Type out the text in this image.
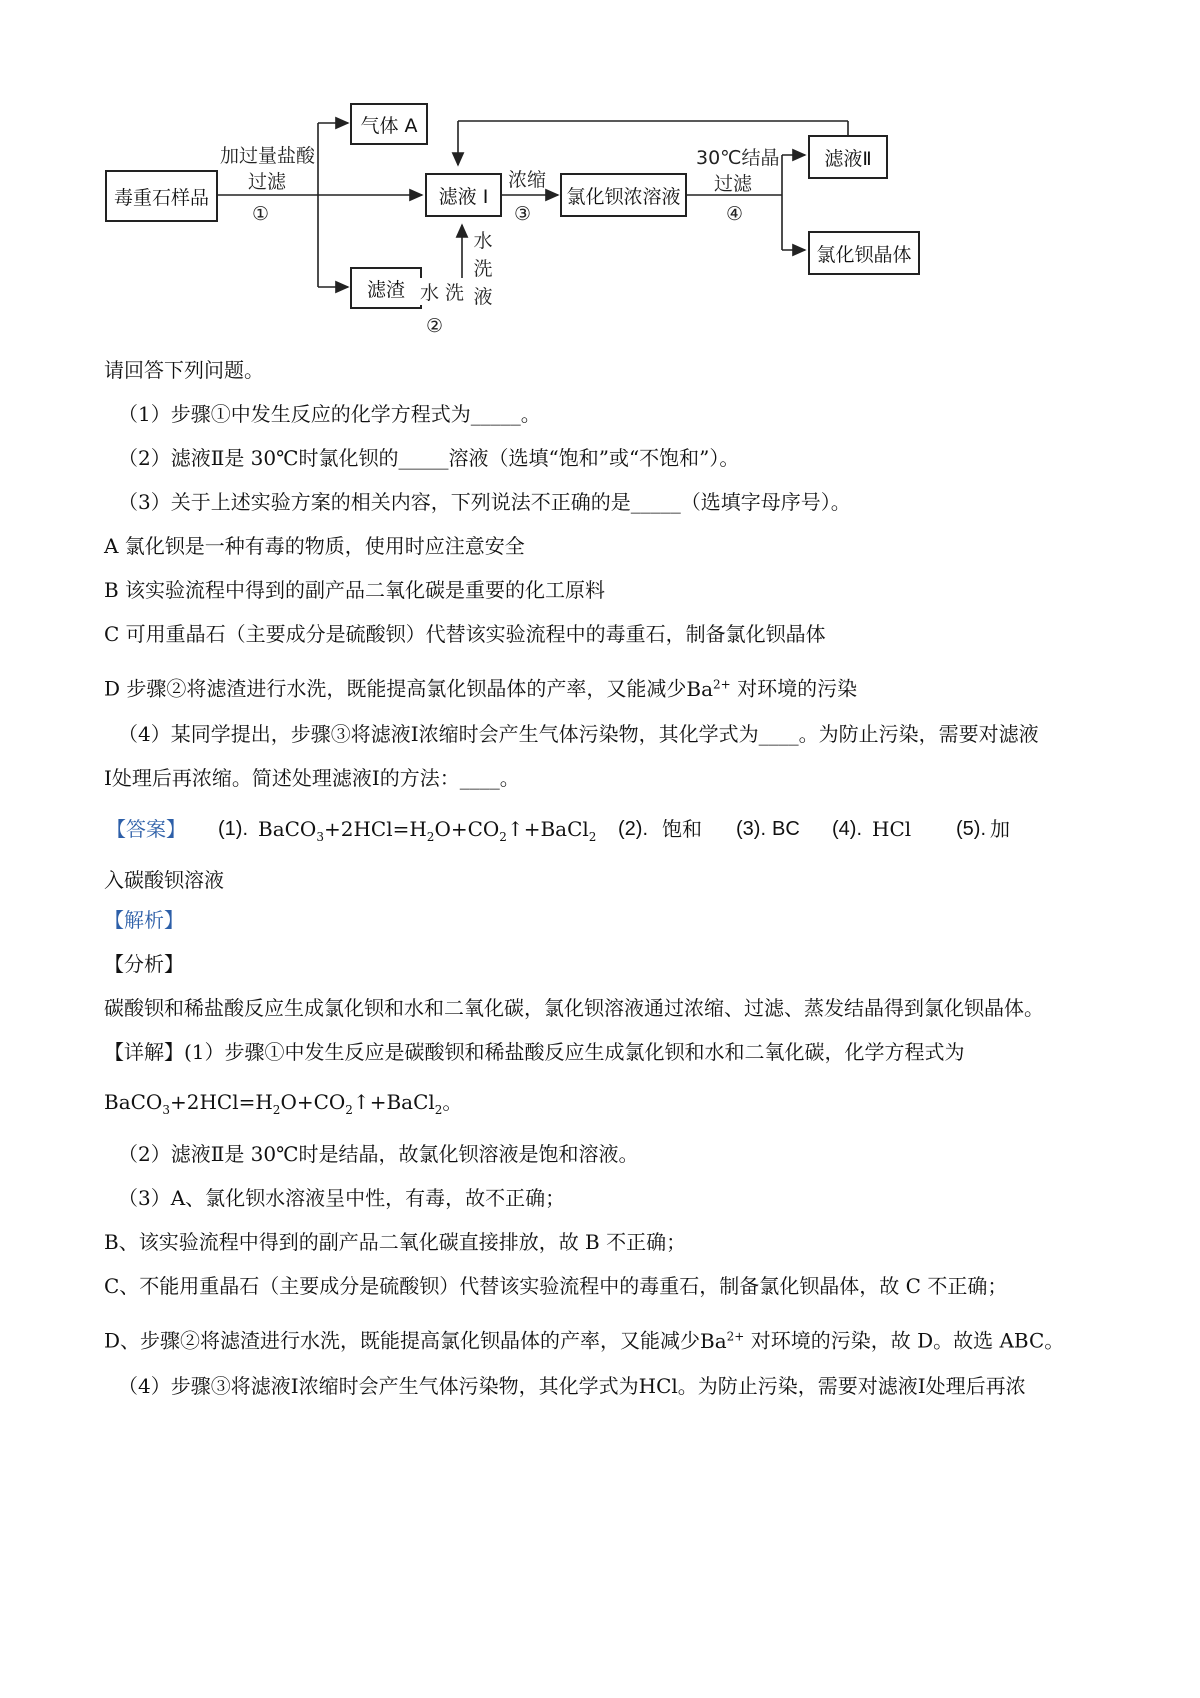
毒重石样品
气体 A
滤液 I
滤渣
氯化钡浓溶液
滤液Ⅱ
氯化钡晶体
加过量盐酸
过滤
①
水 洗
②
水洗液
浓缩
③
30℃结晶
过滤
④
请回答下列问题。
（1）步骤①中发生反应的化学方程式为_____。
（2）滤液Ⅱ是 30℃时氯化钡的_____溶液（选填“饱和”或“不饱和”）。
（3）关于上述实验方案的相关内容，下列说法不正确的是_____（选填字母序号）。
A 氯化钡是一种有毒的物质，使用时应注意安全
B 该实验流程中得到的副产品二氧化碳是重要的化工原料
C 可用重晶石（主要成分是硫酸钡）代替该实验流程中的毒重石，制备氯化钡晶体
D 步骤②将滤渣进行水洗，既能提高氯化钡晶体的产率，又能减少$Ba^{2+}$ 对环境的污染
（4）某同学提出，步骤③将滤液Ⅰ浓缩时会产生气体污染物，其化学式为____。为防止污染，需要对滤液
Ⅰ处理后再浓缩。简述处理滤液Ⅰ的方法：____。
【答案】 (1). $BaCO_3+2HCl=H_2O+CO_2↑+BaCl_2$ (2). 饱和 (3). BC (4). HCl (5). 加
入碳酸钡溶液
【解析】
【分析】
碳酸钡和稀盐酸反应生成氯化钡和水和二氧化碳，氯化钡溶液通过浓缩、过滤、蒸发结晶得到氯化钡晶体。
【详解】(1）步骤①中发生反应是碳酸钡和稀盐酸反应生成氯化钡和水和二氧化碳，化学方程式为
$BaCO_3+2HCl=H_2O+CO_2↑+BaCl_2$。
（2）滤液Ⅱ是 30℃时是结晶，故氯化钡溶液是饱和溶液。
（3）A、氯化钡水溶液呈中性，有毒，故不正确；
B、该实验流程中得到的副产品二氧化碳直接排放，故 B 不正确；
C、不能用重晶石（主要成分是硫酸钡）代替该实验流程中的毒重石，制备氯化钡晶体，故 C 不正确；
D、步骤②将滤渣进行水洗，既能提高氯化钡晶体的产率，又能减少$Ba^{2+}$ 对环境的污染，故 D。故选 ABC。
（4）步骤③将滤液Ⅰ浓缩时会产生气体污染物，其化学式为HCl。为防止污染，需要对滤液Ⅰ处理后再浓
